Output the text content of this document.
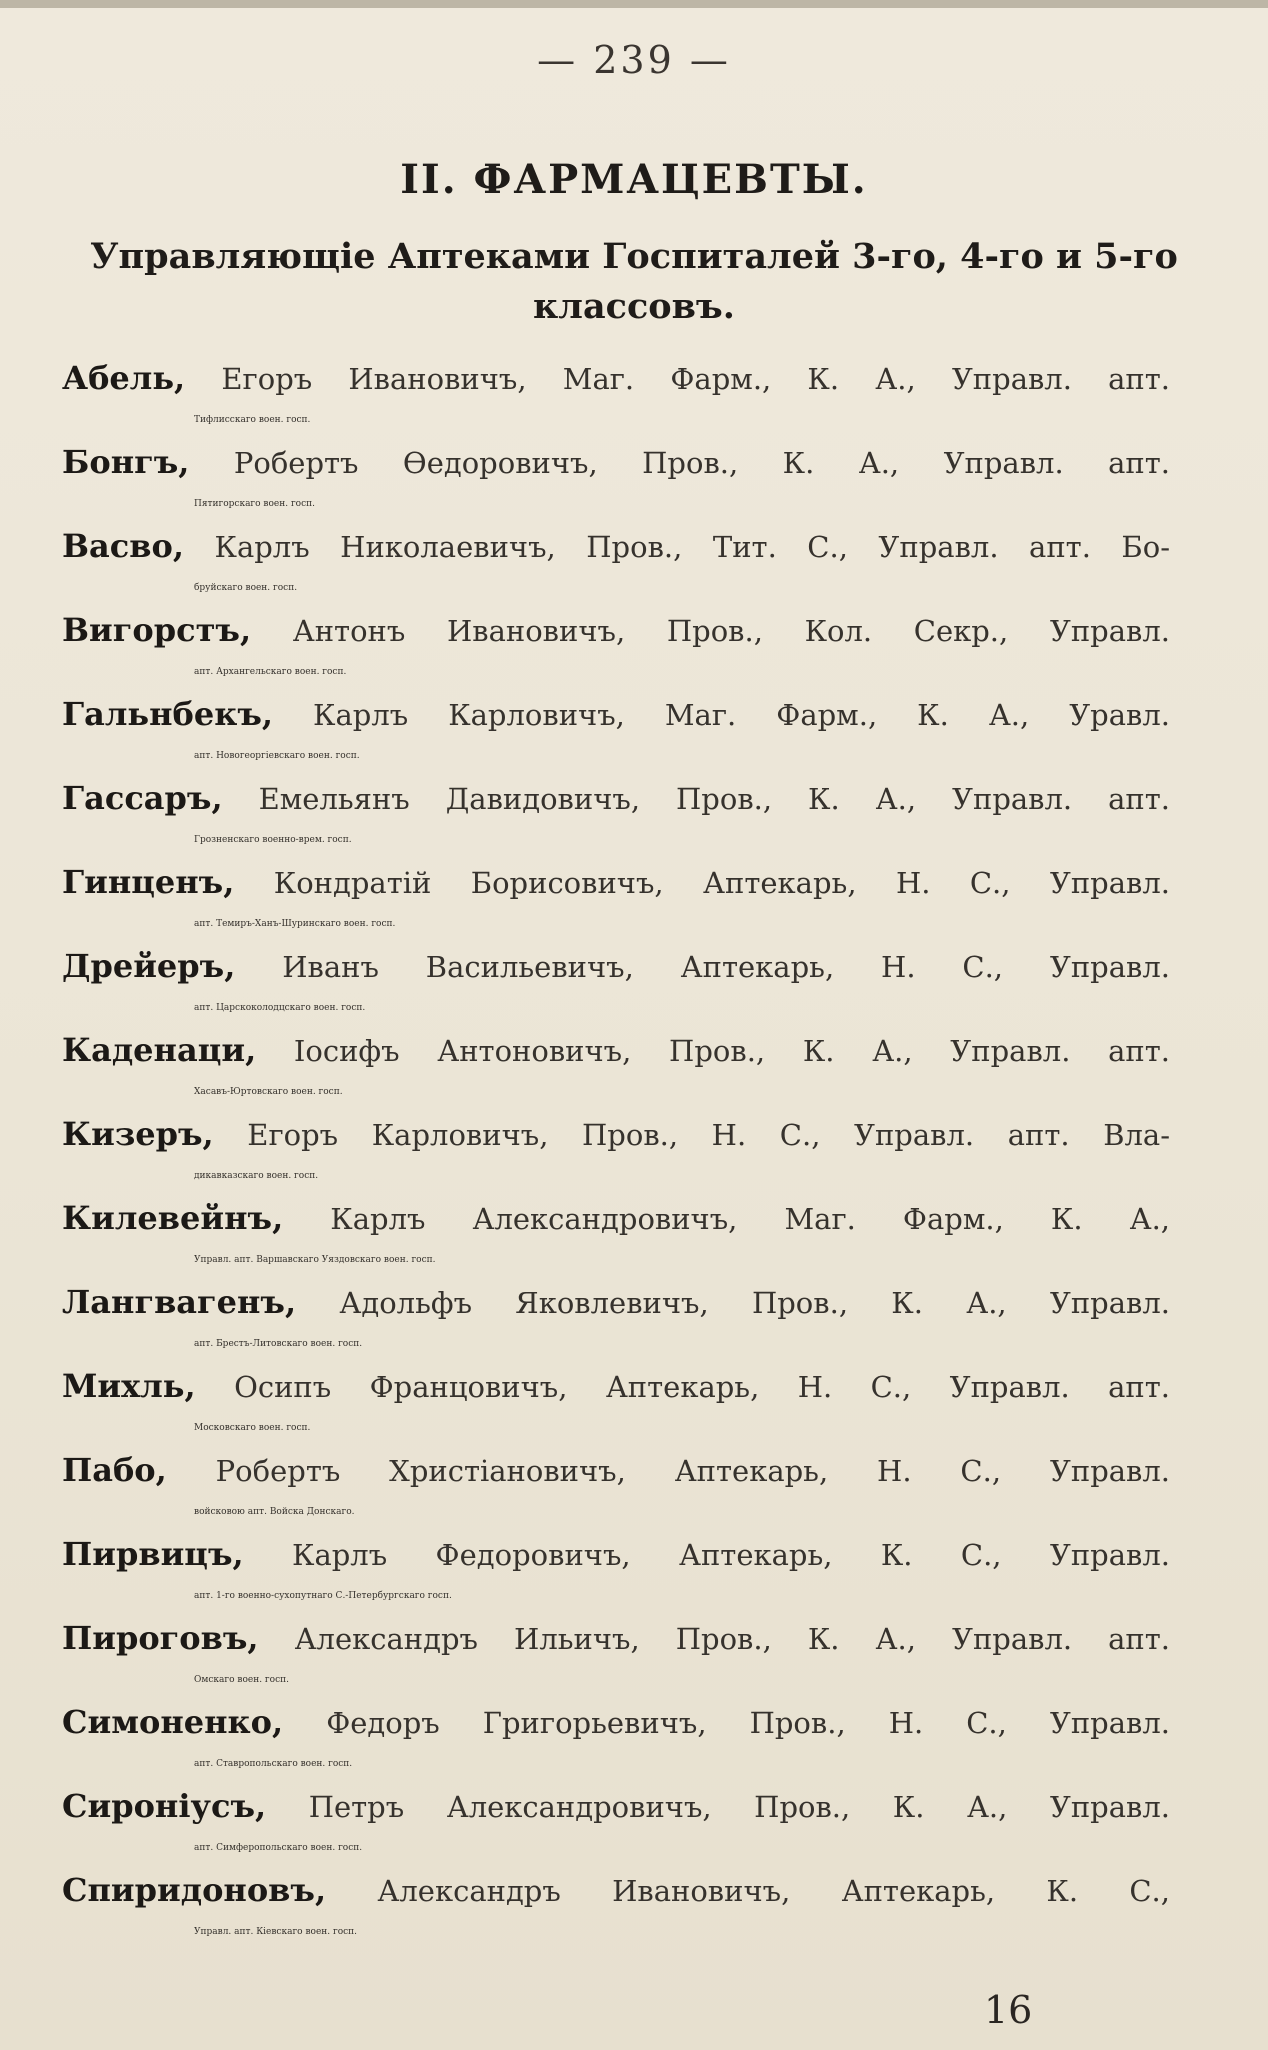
— 239 —
II. ФАРМАЦЕВТЫ.
Управляющіе Аптеками Госпиталей 3-го, 4-го и 5-го классовъ.
Абель, Егоръ Ивановичъ, Маг. Фарм., К. А., Управл. апт.
Тифлисскаго воен. госп.
Бонгъ, Робертъ Өедоровичъ, Пров., К. А., Управл. апт.
Пятигорскаго воен. госп.
Васво, Карлъ Николаевичъ, Пров., Тит. С., Управл. апт. Бо-
бруйскаго воен. госп.
Вигорстъ, Антонъ Ивановичъ, Пров., Кол. Секр., Управл.
апт. Архангельскаго воен. госп.
Гальнбекъ, Карлъ Карловичъ, Маг. Фарм., К. А., Уравл.
апт. Новогеоргіевскаго воен. госп.
Гассаръ, Емельянъ Давидовичъ, Пров., К. А., Управл. апт.
Грозненскаго военно-врем. госп.
Гинценъ, Кондратій Борисовичъ, Аптекарь, Н. С., Управл.
апт. Темиръ-Ханъ-Шуринскаго воен. госп.
Дрейеръ, Иванъ Васильевичъ, Аптекарь, Н. С., Управл.
апт. Царскоколодцскаго воен. госп.
Каденаци, Іосифъ Антоновичъ, Пров., К. А., Управл. апт.
Хасавъ-Юртовскаго воен. госп.
Кизеръ, Егоръ Карловичъ, Пров., Н. С., Управл. апт. Вла-
дикавказскаго воен. госп.
Килевейнъ, Карлъ Александровичъ, Маг. Фарм., К. А.,
Управл. апт. Варшавскаго Уяздовскаго воен. госп.
Лангвагенъ, Адольфъ Яковлевичъ, Пров., К. А., Управл.
апт. Брестъ-Литовскаго воен. госп.
Михль, Осипъ Францовичъ, Аптекарь, Н. С., Управл. апт.
Московскаго воен. госп.
Пабо, Робертъ Христіановичъ, Аптекарь, Н. С., Управл.
войсковою апт. Войска Донскаго.
Пирвицъ, Карлъ Федоровичъ, Аптекарь, К. С., Управл.
апт. 1-го военно-сухопутнаго С.-Петербургскаго госп.
Пироговъ, Александръ Ильичъ, Пров., К. А., Управл. апт.
Омскаго воен. госп.
Симоненко, Федоръ Григорьевичъ, Пров., Н. С., Управл.
апт. Ставропольскаго воен. госп.
Сироніусъ, Петръ Александровичъ, Пров., К. А., Управл.
апт. Симферопольскаго воен. госп.
Спиридоновъ, Александръ Ивановичъ, Аптекарь, К. С.,
Управл. апт. Кіевскаго воен. госп.
16
